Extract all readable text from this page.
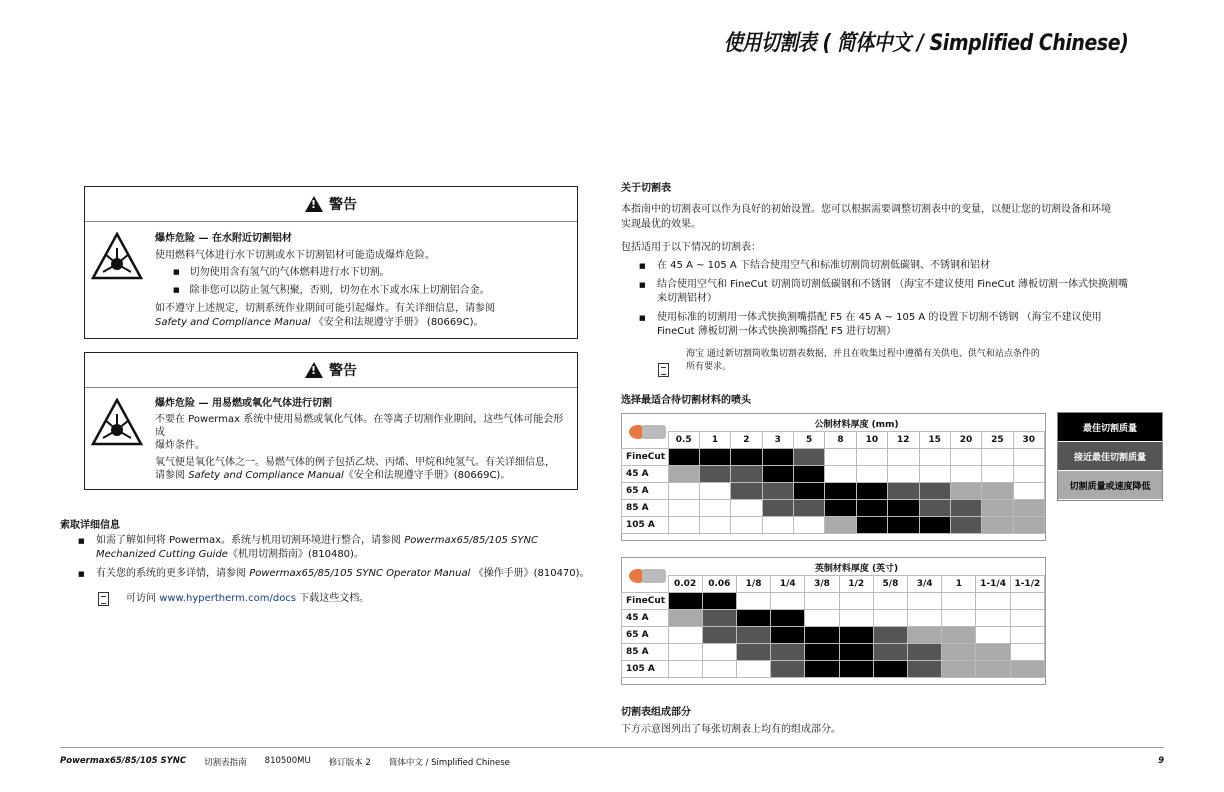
使用切割表 ( 简体中文 / Simplified Chinese)
!
警告
爆炸危险 — 在水附近切割铝材
使用燃料气体进行水下切割或水下切割铝材可能造成爆炸危险。
■ 切勿使用含有氢气的气体燃料进行水下切割。
■ 除非您可以防止氢气积聚，否则，切勿在水下或水床上切割铝合金。
如不遵守上述规定，切割系统作业期间可能引起爆炸。有关详细信息，请参阅
Safety and Compliance Manual 《安全和法规遵守手册》 (80669C)。
!
警告
爆炸危险 — 用易燃或氧化气体进行切割
不要在 Powermax 系统中使用易燃或氧化气体。在等离子切割作业期间，这些气体可能会形成
爆炸条件。
氧气便是氧化气体之一。易燃气体的例子包括乙炔、丙烯、甲烷和纯氢气。有关详细信息，
请参阅 Safety and Compliance Manual《安全和法规遵守手册》(80669C)。
索取详细信息
■ 如需了解如何将 Powermax。系统与机用切割环境进行整合，请参阅 Powermax65/85/105 SYNC
Mechanized Cutting Guide《机用切割指南》(810480)。
■ 有关您的系统的更多详情，请参阅 Powermax65/85/105 SYNC Operator Manual 《操作手册》(810470)。
可访问 www.hypertherm.com/docs 下载这些文档。
关于切割表
本指南中的切割表可以作为良好的初始设置。您可以根据需要调整切割表中的变量，以便让您的切割设备和环境
实现最优的效果。
包括适用于以下情况的切割表：
■ 在 45 A ~ 105 A 下结合使用空气和标准切割筒切割低碳钢、不锈钢和铝材
■ 结合使用空气和 FineCut 切割筒切割低碳钢和不锈钢 （海宝不建议使用 FineCut 薄板切割一体式快换割嘴
来切割铝材）
■ 使用标准的切割用一体式快换割嘴搭配 F5 在 45 A ~ 105 A 的设置下切割不锈钢 （海宝不建议使用
FineCut 薄板切割一体式快换割嘴搭配 F5 进行切割）
海宝 通过新切割筒收集切割表数据，并且在收集过程中遵循有关供电、供气和站点条件的
所有要求。
选择最适合待切割材料的喷头
公制材料厚度 (mm)
	0.5	1	2	3	5	8	10	12	15	20	25	30
FineCut												
45 A												
65 A												
85 A												
105 A												
英制材料厚度 (英寸)
	0.02	0.06	1/8	1/4	3/8	1/2	5/8	3/4	1	1-1/4	1-1/2
FineCut											
45 A											
65 A											
85 A											
105 A											
最佳切割质量
接近最佳切割质量
切割质量或速度降低
切割表组成部分
下方示意图列出了每张切割表上均有的组成部分。
Powermax65/85/105 SYNC 切割表指南 810500MU 修订版本 2 简体中文 / Simplified Chinese	9
